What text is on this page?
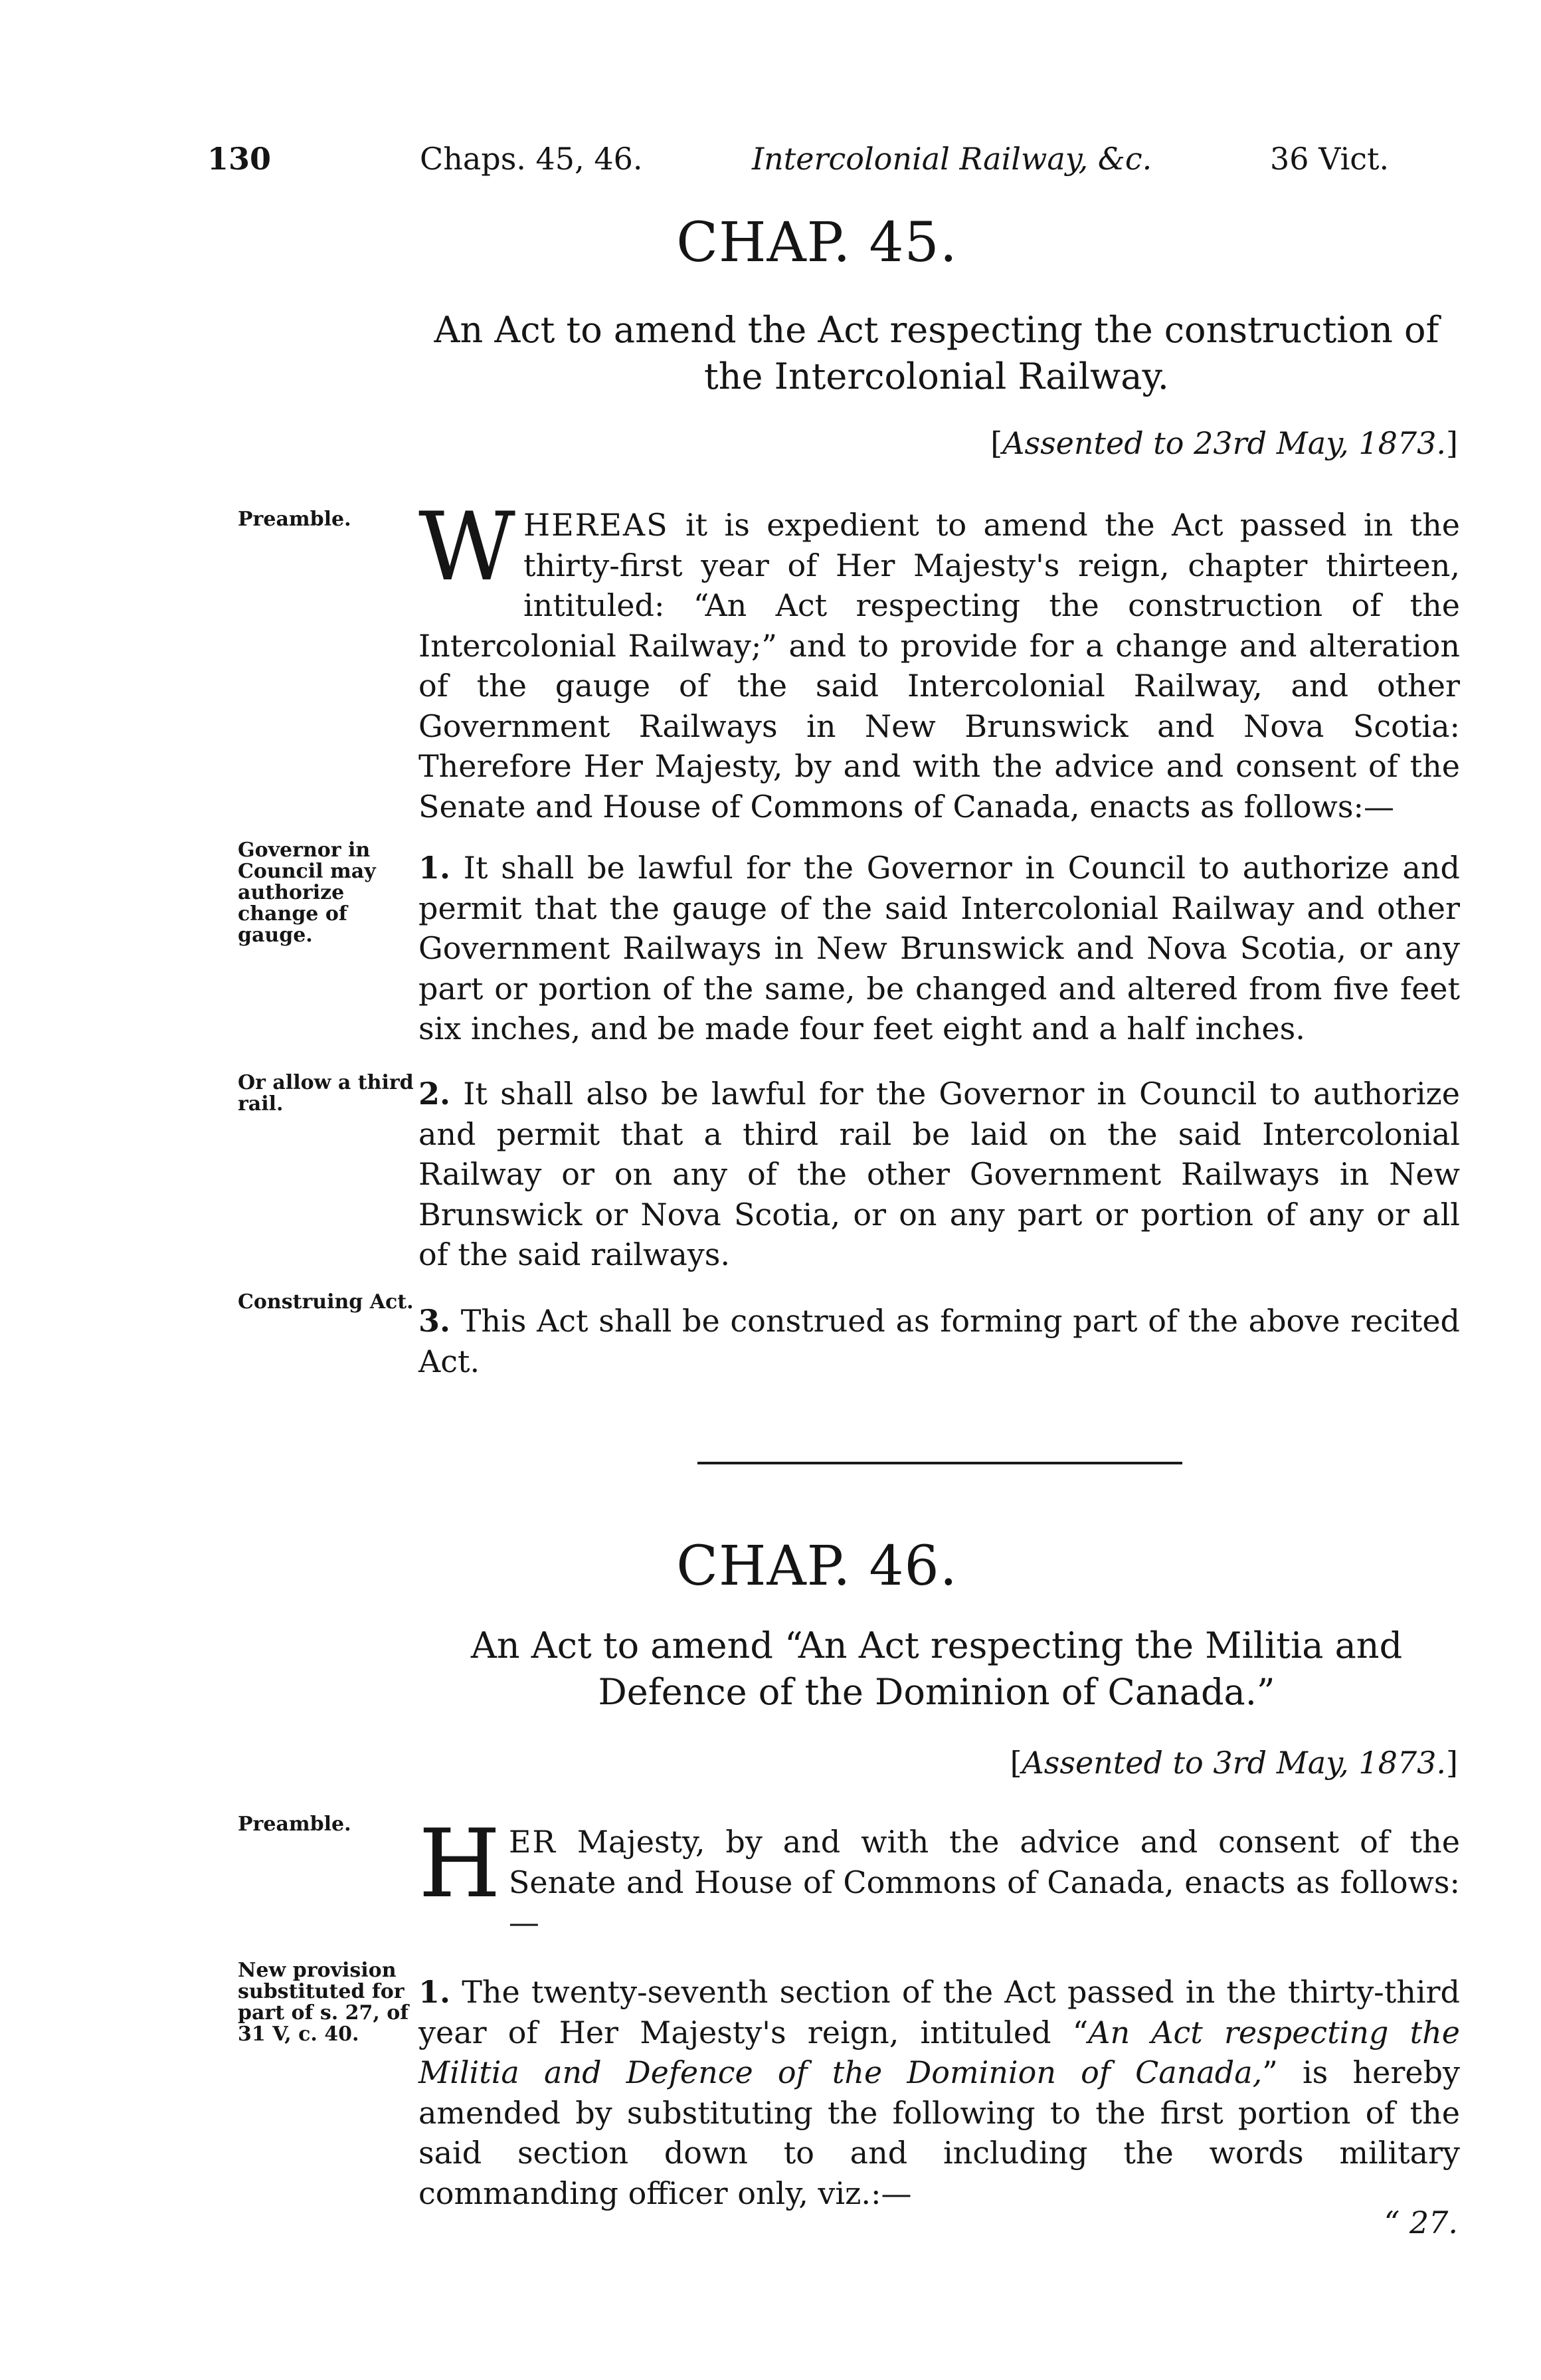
130	Chaps. 45, 46.	Intercolonial Railway, &c.	36 Vict.
CHAP. 45.
An Act to amend the Act respecting the construction of the Intercolonial Railway.
[Assented to 23rd May, 1873.]
Preamble. WHEREAS it is expedient to amend the Act passed in the thirty-first year of Her Majesty's reign, chapter thirteen, intituled: “An Act respecting the construction of the Intercolonial Railway;” and to provide for a change and alteration of the gauge of the said Intercolonial Railway, and other Government Railways in New Brunswick and Nova Scotia: Therefore Her Majesty, by and with the advice and consent of the Senate and House of Commons of Canada, enacts as follows:—

Governor in Council may authorize change of gauge.

1. It shall be lawful for the Governor in Council to authorize and permit that the gauge of the said Intercolonial Railway and other Government Railways in New Brunswick and Nova Scotia, or any part or portion of the same, be changed and altered from five feet six inches, and be made four feet eight and a half inches.

Or allow a third rail.	2. It shall also be lawful for the Governor in Council to authorize and permit that a third rail be laid on the said Intercolonial Railway or on any of the other Government Railways in New Brunswick or Nova Scotia, or on any part or portion of any or all of the said railways.

Construing Act.

3. This Act shall be construed as forming part of the above recited Act.

CHAP. 46.
An Act to amend “An Act respecting the Militia and Defence of the Dominion of Canada.”
[Assented to 3rd May, 1873.]
Preamble. HER Majesty, by and with the advice and consent of the Senate and House of Commons of Canada, enacts as follows:—

New provision substituted for part of s. 27, of 31 V, c. 40.

1. The twenty-seventh section of the Act passed in the thirty-third year of Her Majesty's reign, intituled “An Act respecting the Militia and Defence of the Dominion of Canada,” is hereby amended by substituting the following to the first portion of the said section down to and including the words military commanding officer only, viz.:—

“ 27.
